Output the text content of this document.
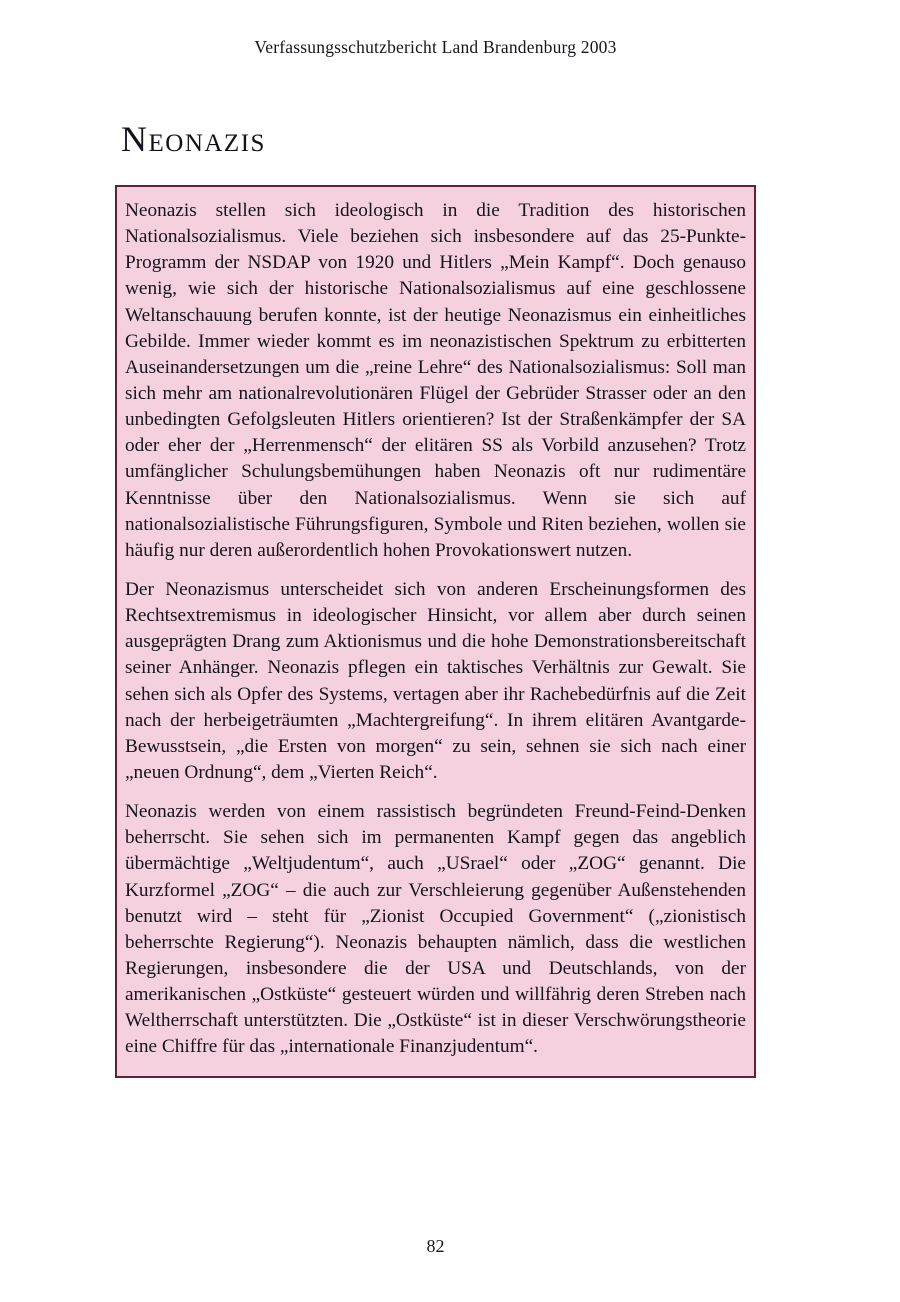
Verfassungsschutzbericht Land Brandenburg 2003
Neonazis

Neonazis stellen sich ideologisch in die Tradition des historischen Nationalsozialismus. Viele beziehen sich insbesondere auf das 25-Punkte-Programm der NSDAP von 1920 und Hitlers „Mein Kampf“. Doch genauso wenig, wie sich der historische Nationalsozialismus auf eine geschlossene Weltanschauung berufen konnte, ist der heutige Neonazismus ein einheitliches Gebilde. Immer wieder kommt es im neonazistischen Spektrum zu erbitterten Auseinandersetzungen um die „reine Lehre“ des Nationalsozialismus: Soll man sich mehr am nationalrevolutionären Flügel der Gebrüder Strasser oder an den unbedingten Gefolgsleuten Hitlers orientieren? Ist der Straßenkämpfer der SA oder eher der „Herrenmensch“ der elitären SS als Vorbild anzusehen? Trotz umfänglicher Schulungsbemühungen haben Neonazis oft nur rudimentäre Kenntnisse über den Nationalsozialismus. Wenn sie sich auf nationalsozialistische Führungsfiguren, Symbole und Riten beziehen, wollen sie häufig nur deren außerordentlich hohen Provokationswert nutzen.

Der Neonazismus unterscheidet sich von anderen Erscheinungsformen des Rechtsextremismus in ideologischer Hinsicht, vor allem aber durch seinen ausgeprägten Drang zum Aktionismus und die hohe Demonstrationsbereitschaft seiner Anhänger. Neonazis pflegen ein taktisches Verhältnis zur Gewalt. Sie sehen sich als Opfer des Systems, vertagen aber ihr Rachebedürfnis auf die Zeit nach der herbeigeträumten „Machtergreifung“. In ihrem elitären Avantgarde-Bewusstsein, „die Ersten von morgen“ zu sein, sehnen sie sich nach einer „neuen Ordnung“, dem „Vierten Reich“.

Neonazis werden von einem rassistisch begründeten Freund-Feind-Denken beherrscht. Sie sehen sich im permanenten Kampf gegen das angeblich übermächtige „Weltjudentum“, auch „USrael“ oder „ZOG“ genannt. Die Kurzformel „ZOG“ – die auch zur Verschleierung gegenüber Außenstehenden benutzt wird – steht für „Zionist Occupied Government“ („zionistisch beherrschte Regierung“). Neonazis behaupten nämlich, dass die westlichen Regierungen, insbesondere die der USA und Deutschlands, von der amerikanischen „Ostküste“ gesteuert würden und willfährig deren Streben nach Weltherrschaft unterstützten. Die „Ostküste“ ist in dieser Verschwörungstheorie eine Chiffre für das „internationale Finanzjudentum“.

82
